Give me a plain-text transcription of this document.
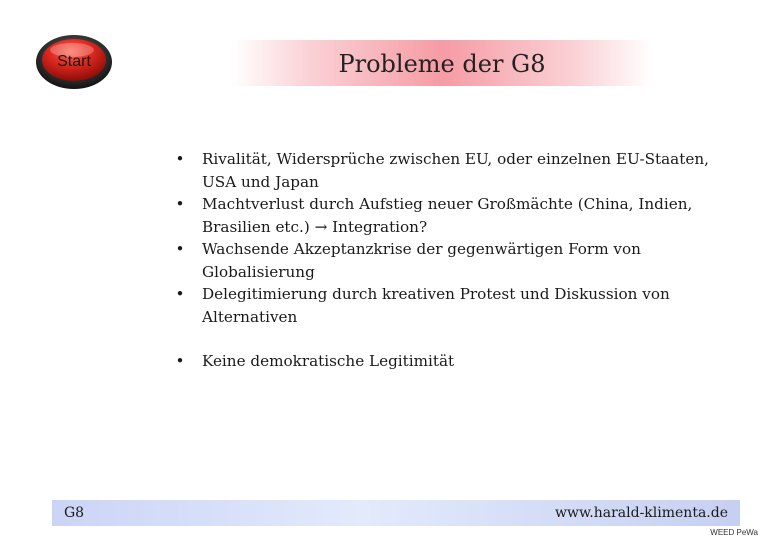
Start	Probleme der G8
• Rivalität, Widersprüche zwischen EU, oder einzelnen EU-Staaten, USA und Japan
• Machtverlust durch Aufstieg neuer Großmächte (China, Indien, Brasilien etc.) → Integration?
• Wachsende Akzeptanzkrise der gegenwärtigen Form von Globalisierung
• Delegitimierung durch kreativen Protest und Diskussion von Alternativen
• Keine demokratische Legitimität
G8	www.harald-klimenta.de
WEED PeWa
